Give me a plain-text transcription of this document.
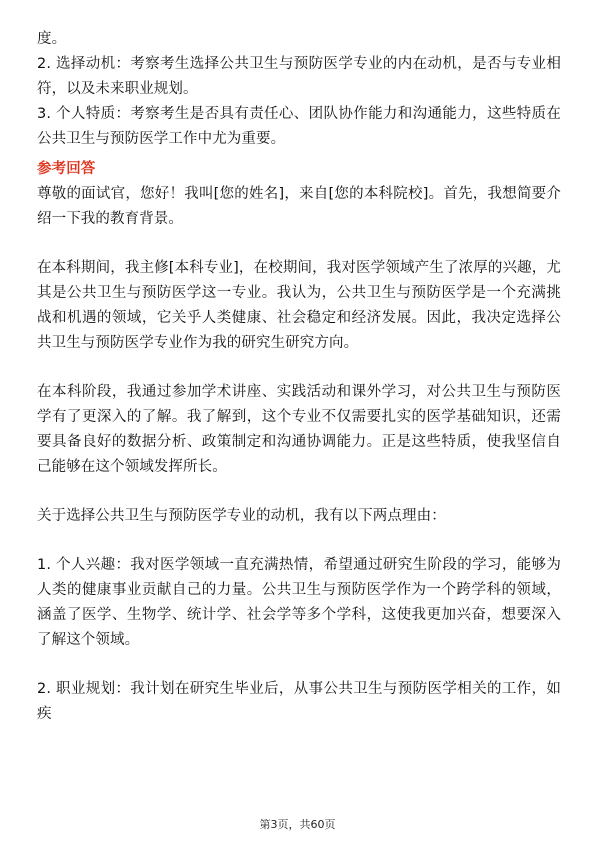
度。

2. 选择动机：考察考生选择公共卫生与预防医学专业的内在动机，是否与专业相符，以及未来职业规划。

3. 个人特质：考察考生是否具有责任心、团队协作能力和沟通能力，这些特质在公共卫生与预防医学工作中尤为重要。

参考回答

尊敬的面试官，您好！我叫[您的姓名]，来自[您的本科院校]。首先，我想简要介绍一下我的教育背景。

在本科期间，我主修[本科专业]，在校期间，我对医学领域产生了浓厚的兴趣，尤其是公共卫生与预防医学这一专业。我认为，公共卫生与预防医学是一个充满挑战和机遇的领域，它关乎人类健康、社会稳定和经济发展。因此，我决定选择公共卫生与预防医学专业作为我的研究生研究方向。

在本科阶段，我通过参加学术讲座、实践活动和课外学习，对公共卫生与预防医学有了更深入的了解。我了解到，这个专业不仅需要扎实的医学基础知识，还需要具备良好的数据分析、政策制定和沟通协调能力。正是这些特质，使我坚信自己能够在这个领域发挥所长。

关于选择公共卫生与预防医学专业的动机，我有以下两点理由：

1. 个人兴趣：我对医学领域一直充满热情，希望通过研究生阶段的学习，能够为人类的健康事业贡献自己的力量。公共卫生与预防医学作为一个跨学科的领域，涵盖了医学、生物学、统计学、社会学等多个学科，这使我更加兴奋，想要深入了解这个领域。

2. 职业规划：我计划在研究生毕业后，从事公共卫生与预防医学相关的工作，如疾

第3页，共60页
